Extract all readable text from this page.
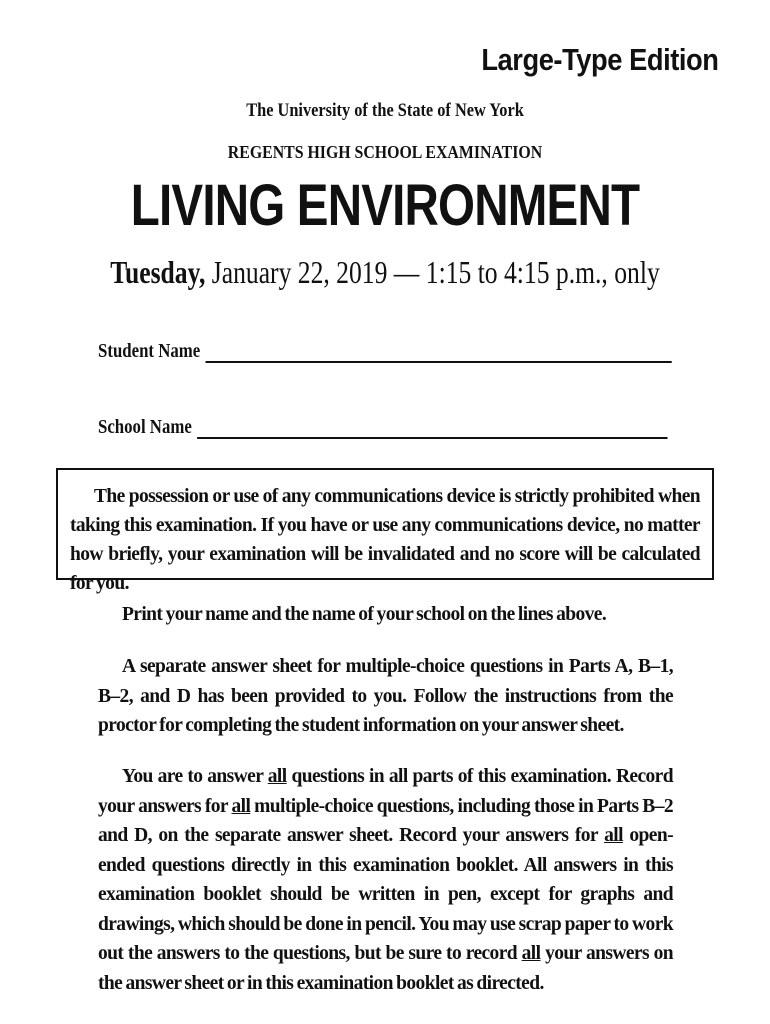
Large-Type Edition
The University of the State of New York
REGENTS HIGH SCHOOL EXAMINATION
LIVING ENVIRONMENT
Tuesday, January 22, 2019 — 1:15 to 4:15 p.m., only
Student Name
School Name
The possession or use of any communications device is strictly prohibited when taking this examination. If you have or use any communications device, no matter how briefly, your examination will be invalidated and no score will be calculated for you.
Print your name and the name of your school on the lines above.
A separate answer sheet for multiple-choice questions in Parts A, B–1, B–2, and D has been provided to you. Follow the instructions from the proctor for completing the student information on your answer sheet.
You are to answer all questions in all parts of this examination. Record your answers for all multiple-choice questions, including those in Parts B–2 and D, on the separate answer sheet. Record your answers for all open-ended questions directly in this examination booklet. All answers in this examination booklet should be written in pen, except for graphs and drawings, which should be done in pencil. You may use scrap paper to work out the answers to the questions, but be sure to record all your answers on the answer sheet or in this examination booklet as directed.
